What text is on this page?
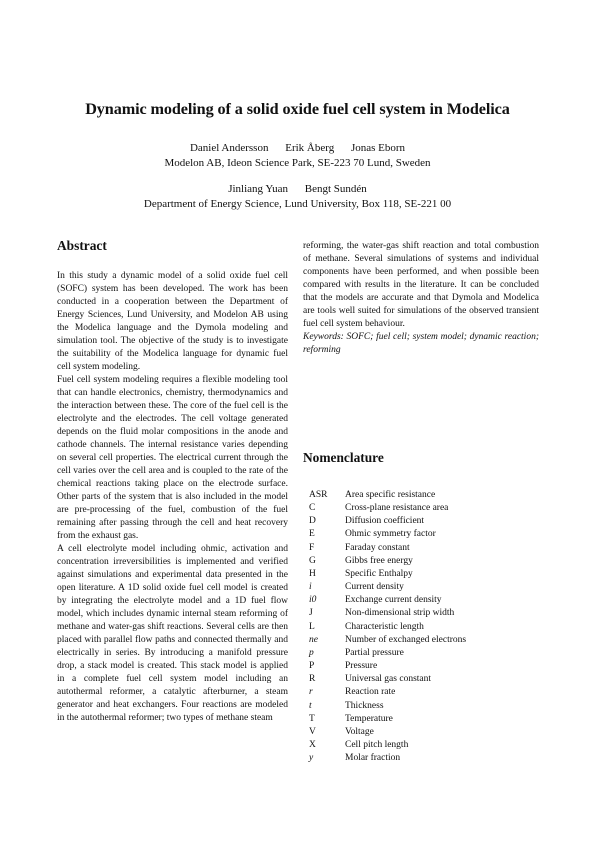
Dynamic modeling of a solid oxide fuel cell system in Modelica
Daniel Andersson Erik Åberg Jonas Eborn
Modelon AB, Ideon Science Park, SE-223 70 Lund, Sweden
Jinliang Yuan Bengt Sundén
Department of Energy Science, Lund University, Box 118, SE-221 00
Abstract

In this study a dynamic model of a solid oxide fuel cell (SOFC) system has been developed. The work has been conducted in a cooperation between the Department of Energy Sciences, Lund University, and Modelon AB using the Modelica language and the Dymola modeling and simulation tool. The objective of the study is to investigate the suitability of the Modelica language for dynamic fuel cell system modeling.

Fuel cell system modeling requires a flexible modeling tool that can handle electronics, chemistry, thermodynamics and the interaction between these. The core of the fuel cell is the electrolyte and the electrodes. The cell voltage generated depends on the fluid molar compositions in the anode and cathode channels. The internal resistance varies depending on several cell properties. The electrical current through the cell varies over the cell area and is coupled to the rate of the chemical reactions taking place on the electrode surface. Other parts of the system that is also included in the model are pre-processing of the fuel, combustion of the fuel remaining after passing through the cell and heat recovery from the exhaust gas.

A cell electrolyte model including ohmic, activation and concentration irreversibilities is implemented and verified against simulations and experimental data presented in the open literature. A 1D solid oxide fuel cell model is created by integrating the electrolyte model and a 1D fuel flow model, which includes dynamic internal steam reforming of methane and water-gas shift reactions. Several cells are then placed with parallel flow paths and connected thermally and electrically in series. By introducing a manifold pressure drop, a stack model is created. This stack model is applied in a complete fuel cell system model including an autothermal reformer, a catalytic afterburner, a steam generator and heat exchangers. Four reactions are modeled in the autothermal reformer; two types of methane steam

reforming, the water-gas shift reaction and total combustion of methane. Several simulations of systems and individual components have been performed, and when possible been compared with results in the literature. It can be concluded that the models are accurate and that Dymola and Modelica are tools well suited for simulations of the observed transient fuel cell system behaviour.

Keywords: SOFC; fuel cell; system model; dynamic reaction; reforming

Nomenclature
ASR	Area specific resistance
C	Cross-plane resistance area
D	Diffusion coefficient
E	Ohmic symmetry factor
F	Faraday constant
G	Gibbs free energy
H	Specific Enthalpy
i	Current density
i0	Exchange current density
J	Non-dimensional strip width
L	Characteristic length
ne	Number of exchanged electrons
p	Partial pressure
P	Pressure
R	Universal gas constant
r	Reaction rate
t	Thickness
T	Temperature
V	Voltage
X	Cell pitch length
y	Molar fraction
